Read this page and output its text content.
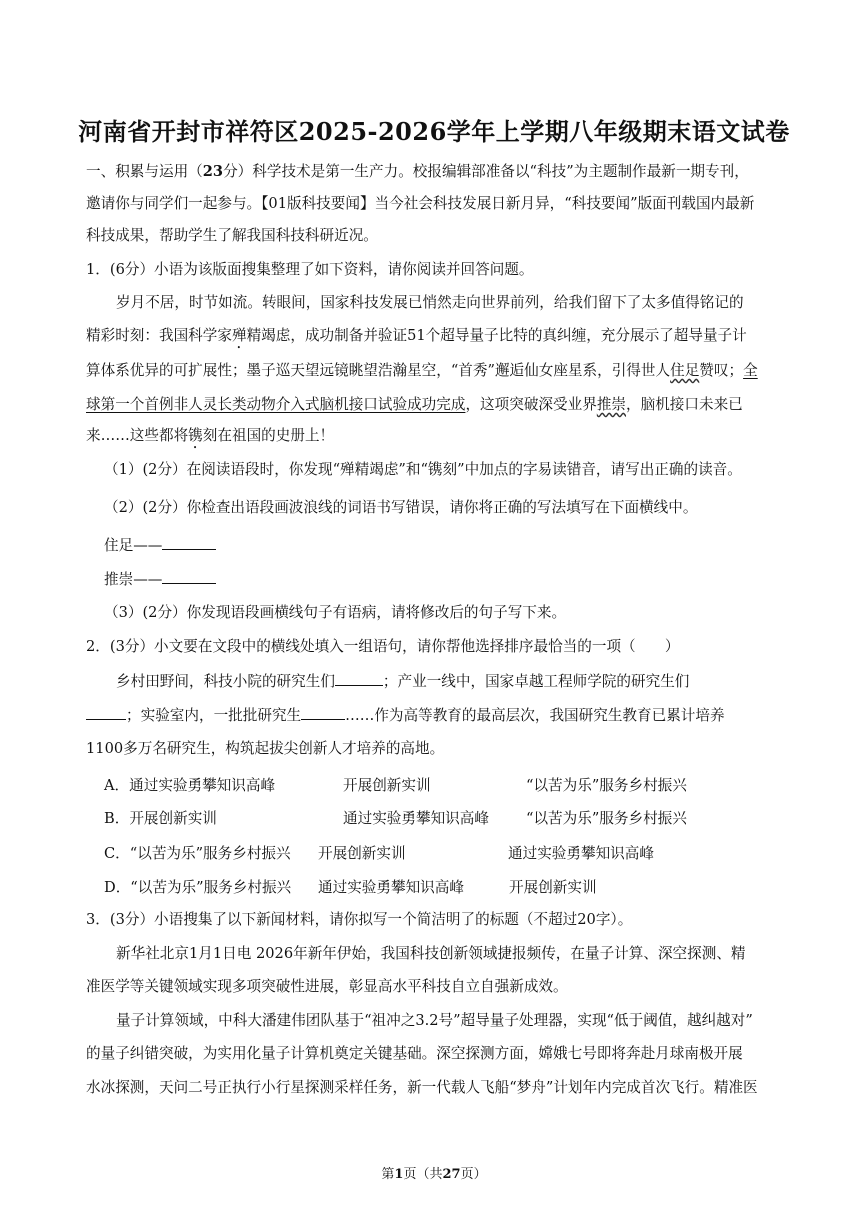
河南省开封市祥符区2025-2026学年上学期八年级期末语文试卷
一、积累与运用（23分）科学技术是第一生产力。校报编辑部准备以“科技”为主题制作最新一期专刊，
邀请你与同学们一起参与。【01版科技要闻】当今社会科技发展日新月异，“科技要闻”版面刊载国内最新
科技成果，帮助学生了解我国科技科研近况。
1．(6分）小语为该版面搜集整理了如下资料，请你阅读并回答问题。
岁月不居，时节如流。转眼间，国家科技发展已悄然走向世界前列，给我们留下了太多值得铭记的
精彩时刻：我国科学家殚精竭虑，成功制备并验证51个超导量子比特的真纠缠，充分展示了超导量子计
算体系优异的可扩展性；墨子巡天望远镜眺望浩瀚星空，“首秀”邂逅仙女座星系，引得世人住足赞叹；全
球第一个首例非人灵长类动物介入式脑机接口试验成功完成，这项突破深受业界推崇，脑机接口未来已
来……这些都将镌刻在祖国的史册上！
（1）(2分）在阅读语段时，你发现“殚精竭虑”和“镌刻”中加点的字易读错音，请写出正确的读音。
（2）(2分）你检查出语段画波浪线的词语书写错误，请你将正确的写法填写在下面横线中。
住足——
推崇——
（3）(2分）你发现语段画横线句子有语病，请将修改后的句子写下来。
2．(3分）小文要在文段中的横线处填入一组语句，请你帮他选择排序最恰当的一项（　　）
乡村田野间，科技小院的研究生们	；产业一线中，国家卓越工程师学院的研究生们
；实验室内，一批批研究生	……作为高等教育的最高层次，我国研究生教育已累计培养
1100多万名研究生，构筑起拔尖创新人才培养的高地。
A．通过实验勇攀知识高峰	开展创新实训	“以苦为乐”服务乡村振兴
B．开展创新实训	通过实验勇攀知识高峰	“以苦为乐”服务乡村振兴
C．“以苦为乐”服务乡村振兴 开展创新实训	通过实验勇攀知识高峰
D．“以苦为乐”服务乡村振兴 通过实验勇攀知识高峰	开展创新实训
3．(3分）小语搜集了以下新闻材料，请你拟写一个简洁明了的标题（不超过20字）。
新华社北京1月1日电 2026年新年伊始，我国科技创新领域捷报频传，在量子计算、深空探测、精
准医学等关键领域实现多项突破性进展，彰显高水平科技自立自强新成效。
量子计算领域，中科大潘建伟团队基于“祖冲之3.2号”超导量子处理器，实现“低于阈值，越纠越对”
的量子纠错突破，为实用化量子计算机奠定关键基础。深空探测方面，嫦娥七号即将奔赴月球南极开展
水冰探测，天问二号正执行小行星探测采样任务，新一代载人飞船“梦舟”计划年内完成首次飞行。精准医
第1页（共27页）
